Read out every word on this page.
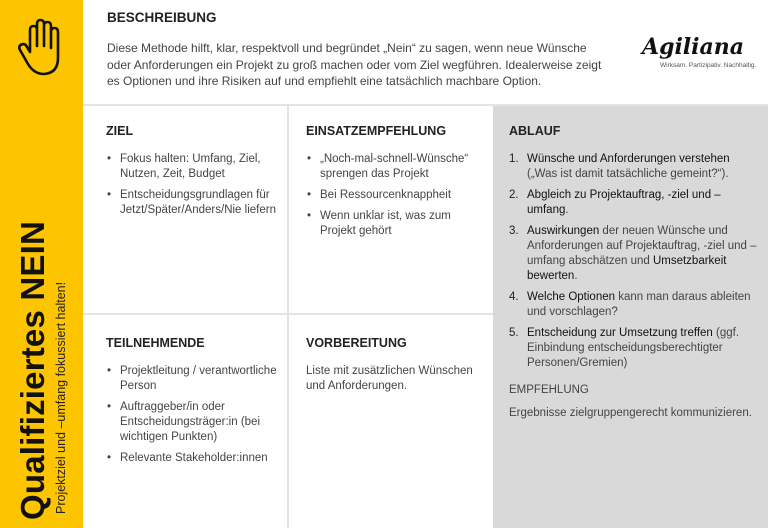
Qualifiziertes NEIN Projektziel und –umfang fokussiert halten!
BESCHREIBUNG

Diese Methode hilft, klar, respektvoll und begründet „Nein“ zu sagen, wenn neue Wünsche oder Anforderungen ein Projekt zu groß machen oder vom Ziel wegführen. Idealerweise zeigt es Optionen und ihre Risiken auf und empfiehlt eine tatsächlich machbare Option.

Agiliana
Wirksam. Partizipativ. Nachhaltig.
ZIEL
• Fokus halten: Umfang, Ziel, Nutzen, Zeit, Budget
• Entscheidungsgrundlagen für Jetzt/Später/Anders/Nie liefern
EINSATZEMPFEHLUNG
• „Noch-mal-schnell-Wünsche“ sprengen das Projekt
• Bei Ressourcenknappheit
• Wenn unklar ist, was zum Projekt gehört
ABLAUF
1. Wünsche und Anforderungen verstehen („Was ist damit tatsächliche gemeint?“).
2. Abgleich zu Projektauftrag, -ziel und –umfang.
3. Auswirkungen der neuen Wünsche und Anforderungen auf Projektauftrag, -ziel und –umfang abschätzen und Umsetzbarkeit bewerten.
4. Welche Optionen kann man daraus ableiten und vorschlagen?
5. Entscheidung zur Umsetzung treffen (ggf. Einbindung entscheidungsberechtigter Personen/Gremien)
EMPFEHLUNG
Ergebnisse zielgruppengerecht kommunizieren.
TEILNEHMENDE
• Projektleitung / verantwortliche Person
• Auftraggeber/in oder Entscheidungsträger:in (bei wichtigen Punkten)
• Relevante Stakeholder:innen
VORBEREITUNG

Liste mit zusätzlichen Wünschen und Anforderungen.
